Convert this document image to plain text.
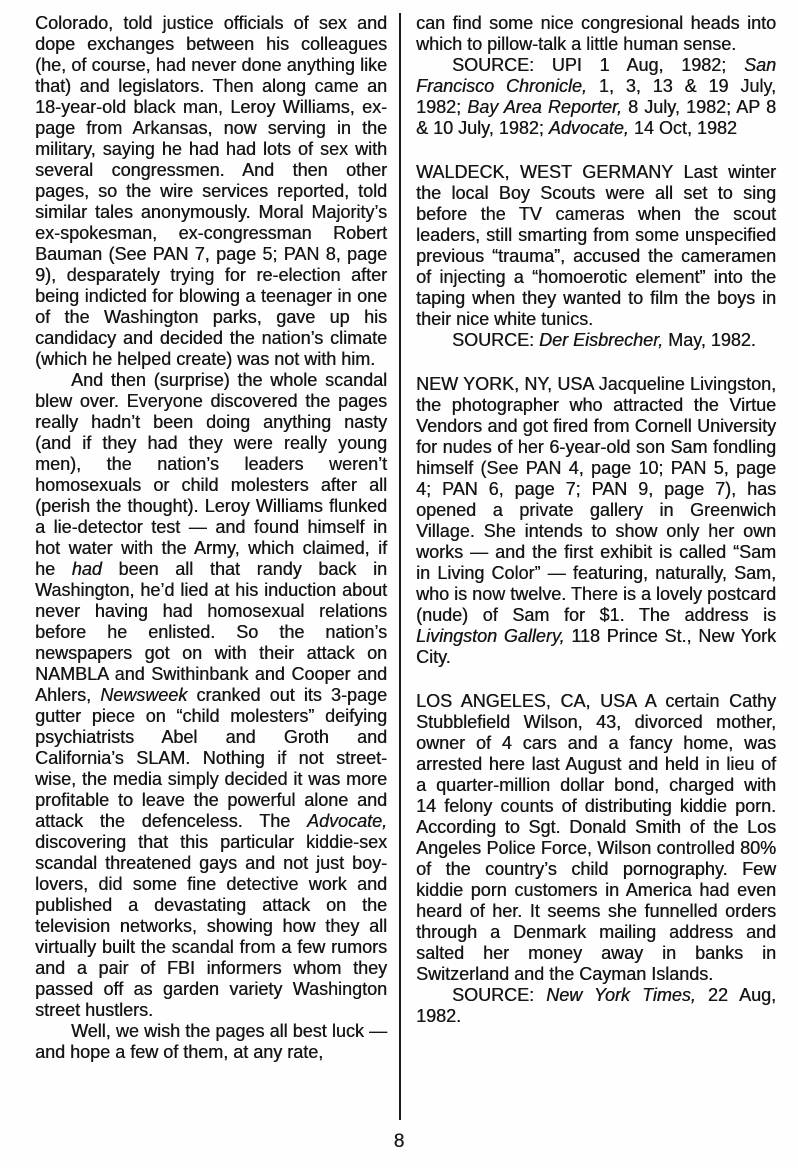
Colorado, told justice officials of sex and dope exchanges between his colleagues (he, of course, had never done anything like that) and legislators. Then along came an 18-year-old black man, Leroy Williams, ex-page from Arkansas, now serving in the military, saying he had had lots of sex with several congressmen. And then other pages, so the wire services reported, told similar tales anonymously. Moral Majority’s ex-spokesman, ex-congressman Robert Bauman (See PAN 7, page 5; PAN 8, page 9), desparately trying for re-election after being indicted for blowing a teenager in one of the Washington parks, gave up his candidacy and decided the nation’s climate (which he helped create) was not with him.

And then (surprise) the whole scandal blew over. Everyone discovered the pages really hadn’t been doing anything nasty (and if they had they were really young men), the nation’s leaders weren’t homosexuals or child molesters after all (perish the thought). Leroy Williams flunked a lie-detector test — and found himself in hot water with the Army, which claimed, if he had been all that randy back in Washington, he’d lied at his induction about never having had homosexual relations before he enlisted. So the nation’s newspapers got on with their attack on NAMBLA and Swithinbank and Cooper and Ahlers, Newsweek cranked out its 3-page gutter piece on “child molesters” deifying psychiatrists Abel and Groth and California’s SLAM. Nothing if not street-wise, the media simply decided it was more profitable to leave the powerful alone and attack the defenceless. The Advocate, discovering that this particular kiddie-sex scandal threatened gays and not just boy-lovers, did some fine detective work and published a devastating attack on the television networks, showing how they all virtually built the scandal from a few rumors and a pair of FBI informers whom they passed off as garden variety Washington street hustlers.

Well, we wish the pages all best luck — and hope a few of them, at any rate,

can find some nice congresional heads into which to pillow-talk a little human sense.

SOURCE: UPI 1 Aug, 1982; San Francisco Chronicle, 1, 3, 13 & 19 July, 1982; Bay Area Reporter, 8 July, 1982; AP 8 & 10 July, 1982; Advocate, 14 Oct, 1982

WALDECK, WEST GERMANY Last winter the local Boy Scouts were all set to sing before the TV cameras when the scout leaders, still smarting from some unspecified previous “trauma”, accused the cameramen of injecting a “homoerotic element” into the taping when they wanted to film the boys in their nice white tunics.

SOURCE: Der Eisbrecher, May, 1982.

NEW YORK, NY, USA Jacqueline Livingston, the photographer who attracted the Virtue Vendors and got fired from Cornell University for nudes of her 6-year-old son Sam fondling himself (See PAN 4, page 10; PAN 5, page 4; PAN 6, page 7; PAN 9, page 7), has opened a private gallery in Greenwich Village. She intends to show only her own works — and the first exhibit is called “Sam in Living Color” — featuring, naturally, Sam, who is now twelve. There is a lovely postcard (nude) of Sam for $1. The address is Livingston Gallery, 118 Prince St., New York City.

LOS ANGELES, CA, USA A certain Cathy Stubblefield Wilson, 43, divorced mother, owner of 4 cars and a fancy home, was arrested here last August and held in lieu of a quarter-million dollar bond, charged with 14 felony counts of distributing kiddie porn. According to Sgt. Donald Smith of the Los Angeles Police Force, Wilson controlled 80% of the country’s child pornography. Few kiddie porn customers in America had even heard of her. It seems she funnelled orders through a Denmark mailing address and salted her money away in banks in Switzerland and the Cayman Islands.

SOURCE: New York Times, 22 Aug, 1982.

8
